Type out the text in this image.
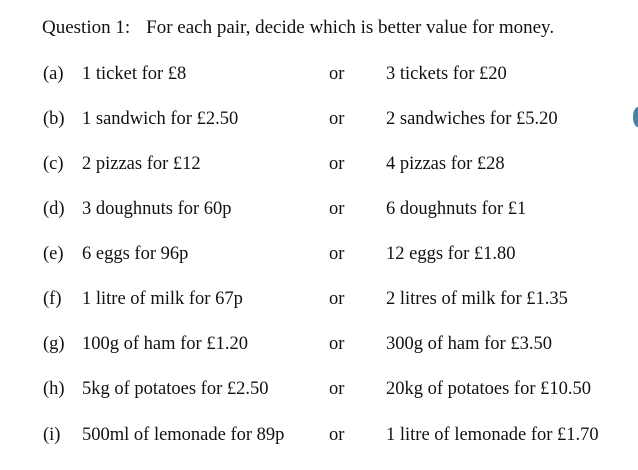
Question 1: For each pair, decide which is better value for money.
(a) 1 ticket for £8	or 3 tickets for £20
(b) 1 sandwich for £2.50	or 2 sandwiches for £5.20
(c) 2 pizzas for £12	or 4 pizzas for £28
(d) 3 doughnuts for 60p	or 6 doughnuts for £1
(e) 6 eggs for 96p	or 12 eggs for £1.80
(f) 1 litre of milk for 67p	or 2 litres of milk for £1.35
(g) 100g of ham for £1.20	or 300g of ham for £3.50
(h) 5kg of potatoes for £2.50	or 20kg of potatoes for £10.50
(i) 500ml of lemonade for 89p or 1 litre of lemonade for £1.70
